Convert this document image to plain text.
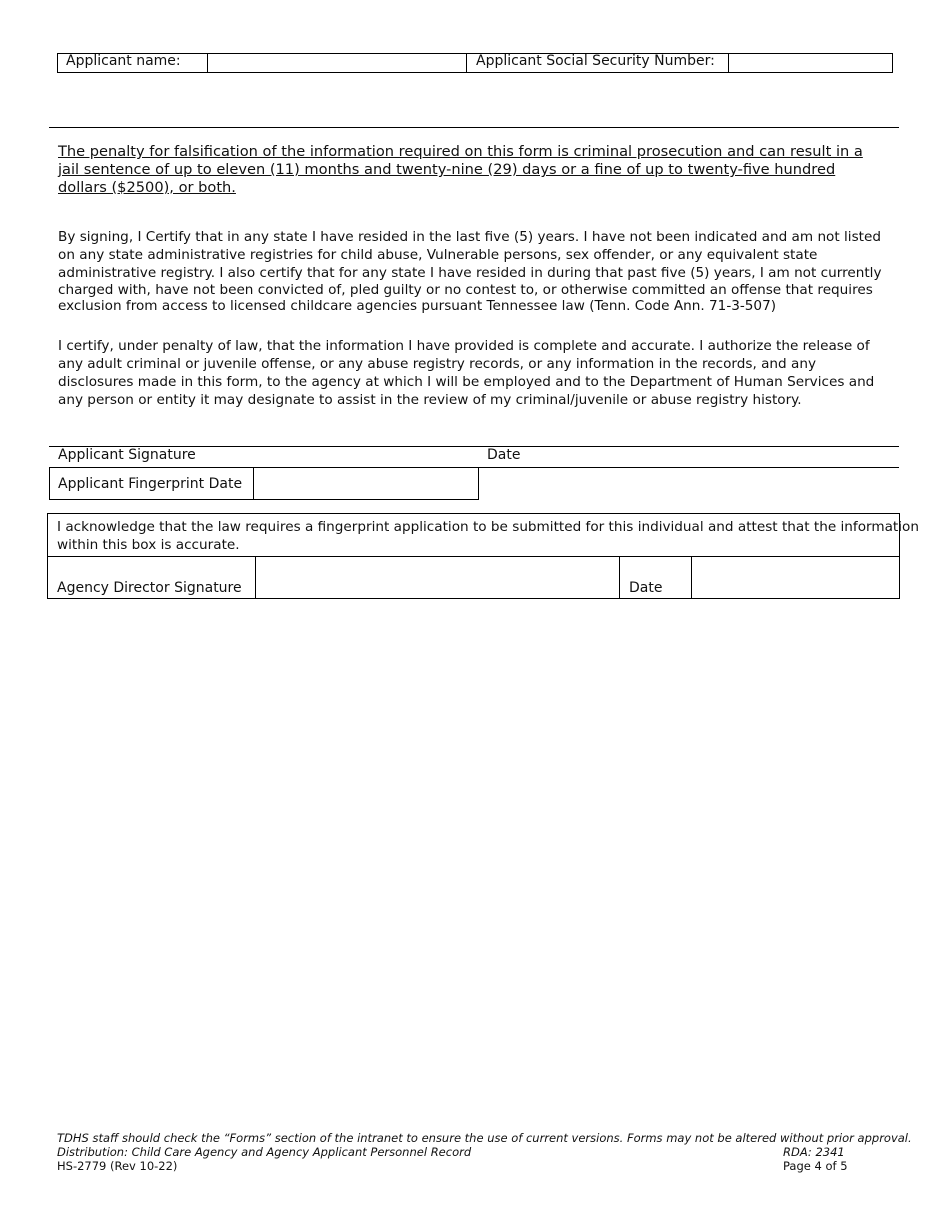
Applicant name:	Applicant Social Security Number:
The penalty for falsification of the information required on this form is criminal prosecution and can result in a jail sentence of up to eleven (11) months and twenty-nine (29) days or a fine of up to twenty-five hundred dollars ($2500), or both.
By signing, I Certify that in any state I have resided in the last five (5) years. I have not been indicated and am not listed
on any state administrative registries for child abuse, Vulnerable persons, sex offender, or any equivalent state
administrative registry. I also certify that for any state I have resided in during that past five (5) years, I am not currently
charged with, have not been convicted of, pled guilty or no contest to, or otherwise committed an offense that requires
exclusion from access to licensed childcare agencies pursuant Tennessee law (Tenn. Code Ann. 71-3-507)
I certify, under penalty of law, that the information I have provided is complete and accurate. I authorize the release of
any adult criminal or juvenile offense, or any abuse registry records, or any information in the records, and any
disclosures made in this form, to the agency at which I will be employed and to the Department of Human Services and
any person or entity it may designate to assist in the review of my criminal/juvenile or abuse registry history.
Applicant Signature	Date
Applicant Fingerprint Date
I acknowledge that the law requires a fingerprint application to be submitted for this individual and attest that the information
within this box is accurate.
Agency Director Signature	Date
TDHS staff should check the “Forms” section of the intranet to ensure the use of current versions. Forms may not be altered without prior approval.
Distribution: Child Care Agency and Agency Applicant Personnel Record	RDA: 2341
HS-2779 (Rev 10-22)	Page 4 of 5
